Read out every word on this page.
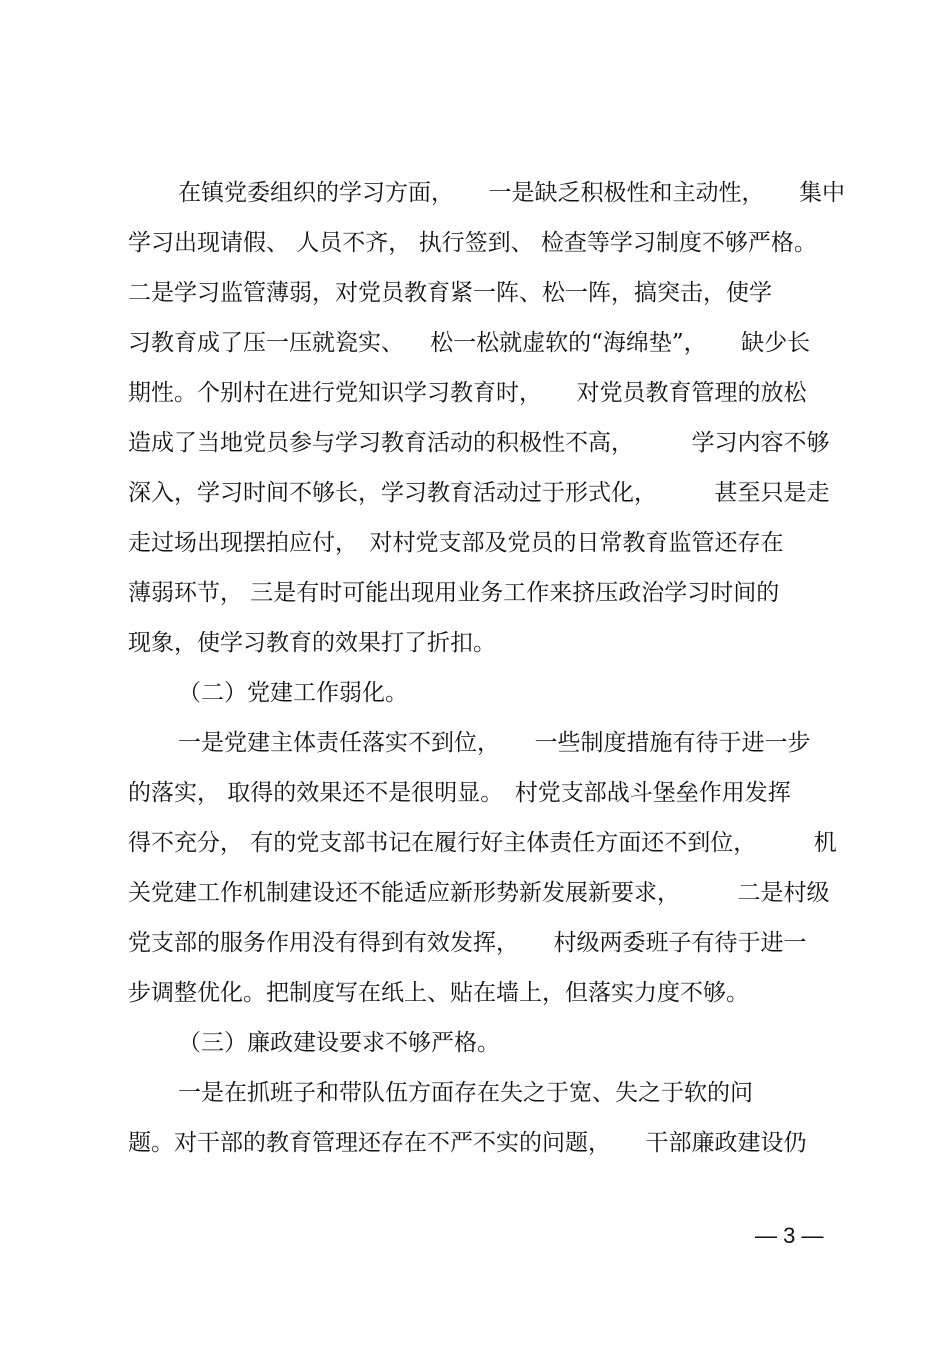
在镇党委组织的学习方面，　　一是缺乏积极性和主动性，　　集中
学习出现请假、 人员不齐， 执行签到、 检查等学习制度不够严格。
二是学习监管薄弱，对党员教育紧一阵、松一阵，搞突击，使学
习教育成了压一压就瓷实、　  松一松就虚软的“海绵垫”，　　缺少长
期性。个别村在进行党知识学习教育时，　　对党员教育管理的放松
造成了当地党员参与学习教育活动的积极性不高，　　　学习内容不够
深入，学习时间不够长，学习教育活动过于形式化，　　　甚至只是走
走过场出现摆拍应付，　对村党支部及党员的日常教育监管还存在
薄弱环节， 三是有时可能出现用业务工作来挤压政治学习时间的
现象，使学习教育的效果打了折扣。
（二）党建工作弱化。
一是党建主体责任落实不到位，　　一些制度措施有待于进一步
的落实， 取得的效果还不是很明显。　村党支部战斗堡垒作用发挥
得不充分， 有的党支部书记在履行好主体责任方面还不到位，　　　机
关党建工作机制建设还不能适应新形势新发展新要求，　　　二是村级
党支部的服务作用没有得到有效发挥，　　村级两委班子有待于进一
步调整优化。把制度写在纸上、贴在墙上，但落实力度不够。
（三）廉政建设要求不够严格。
一是在抓班子和带队伍方面存在失之于宽、失之于软的问
题。对干部的教育管理还存在不严不实的问题，　　干部廉政建设仍
— 3 —
